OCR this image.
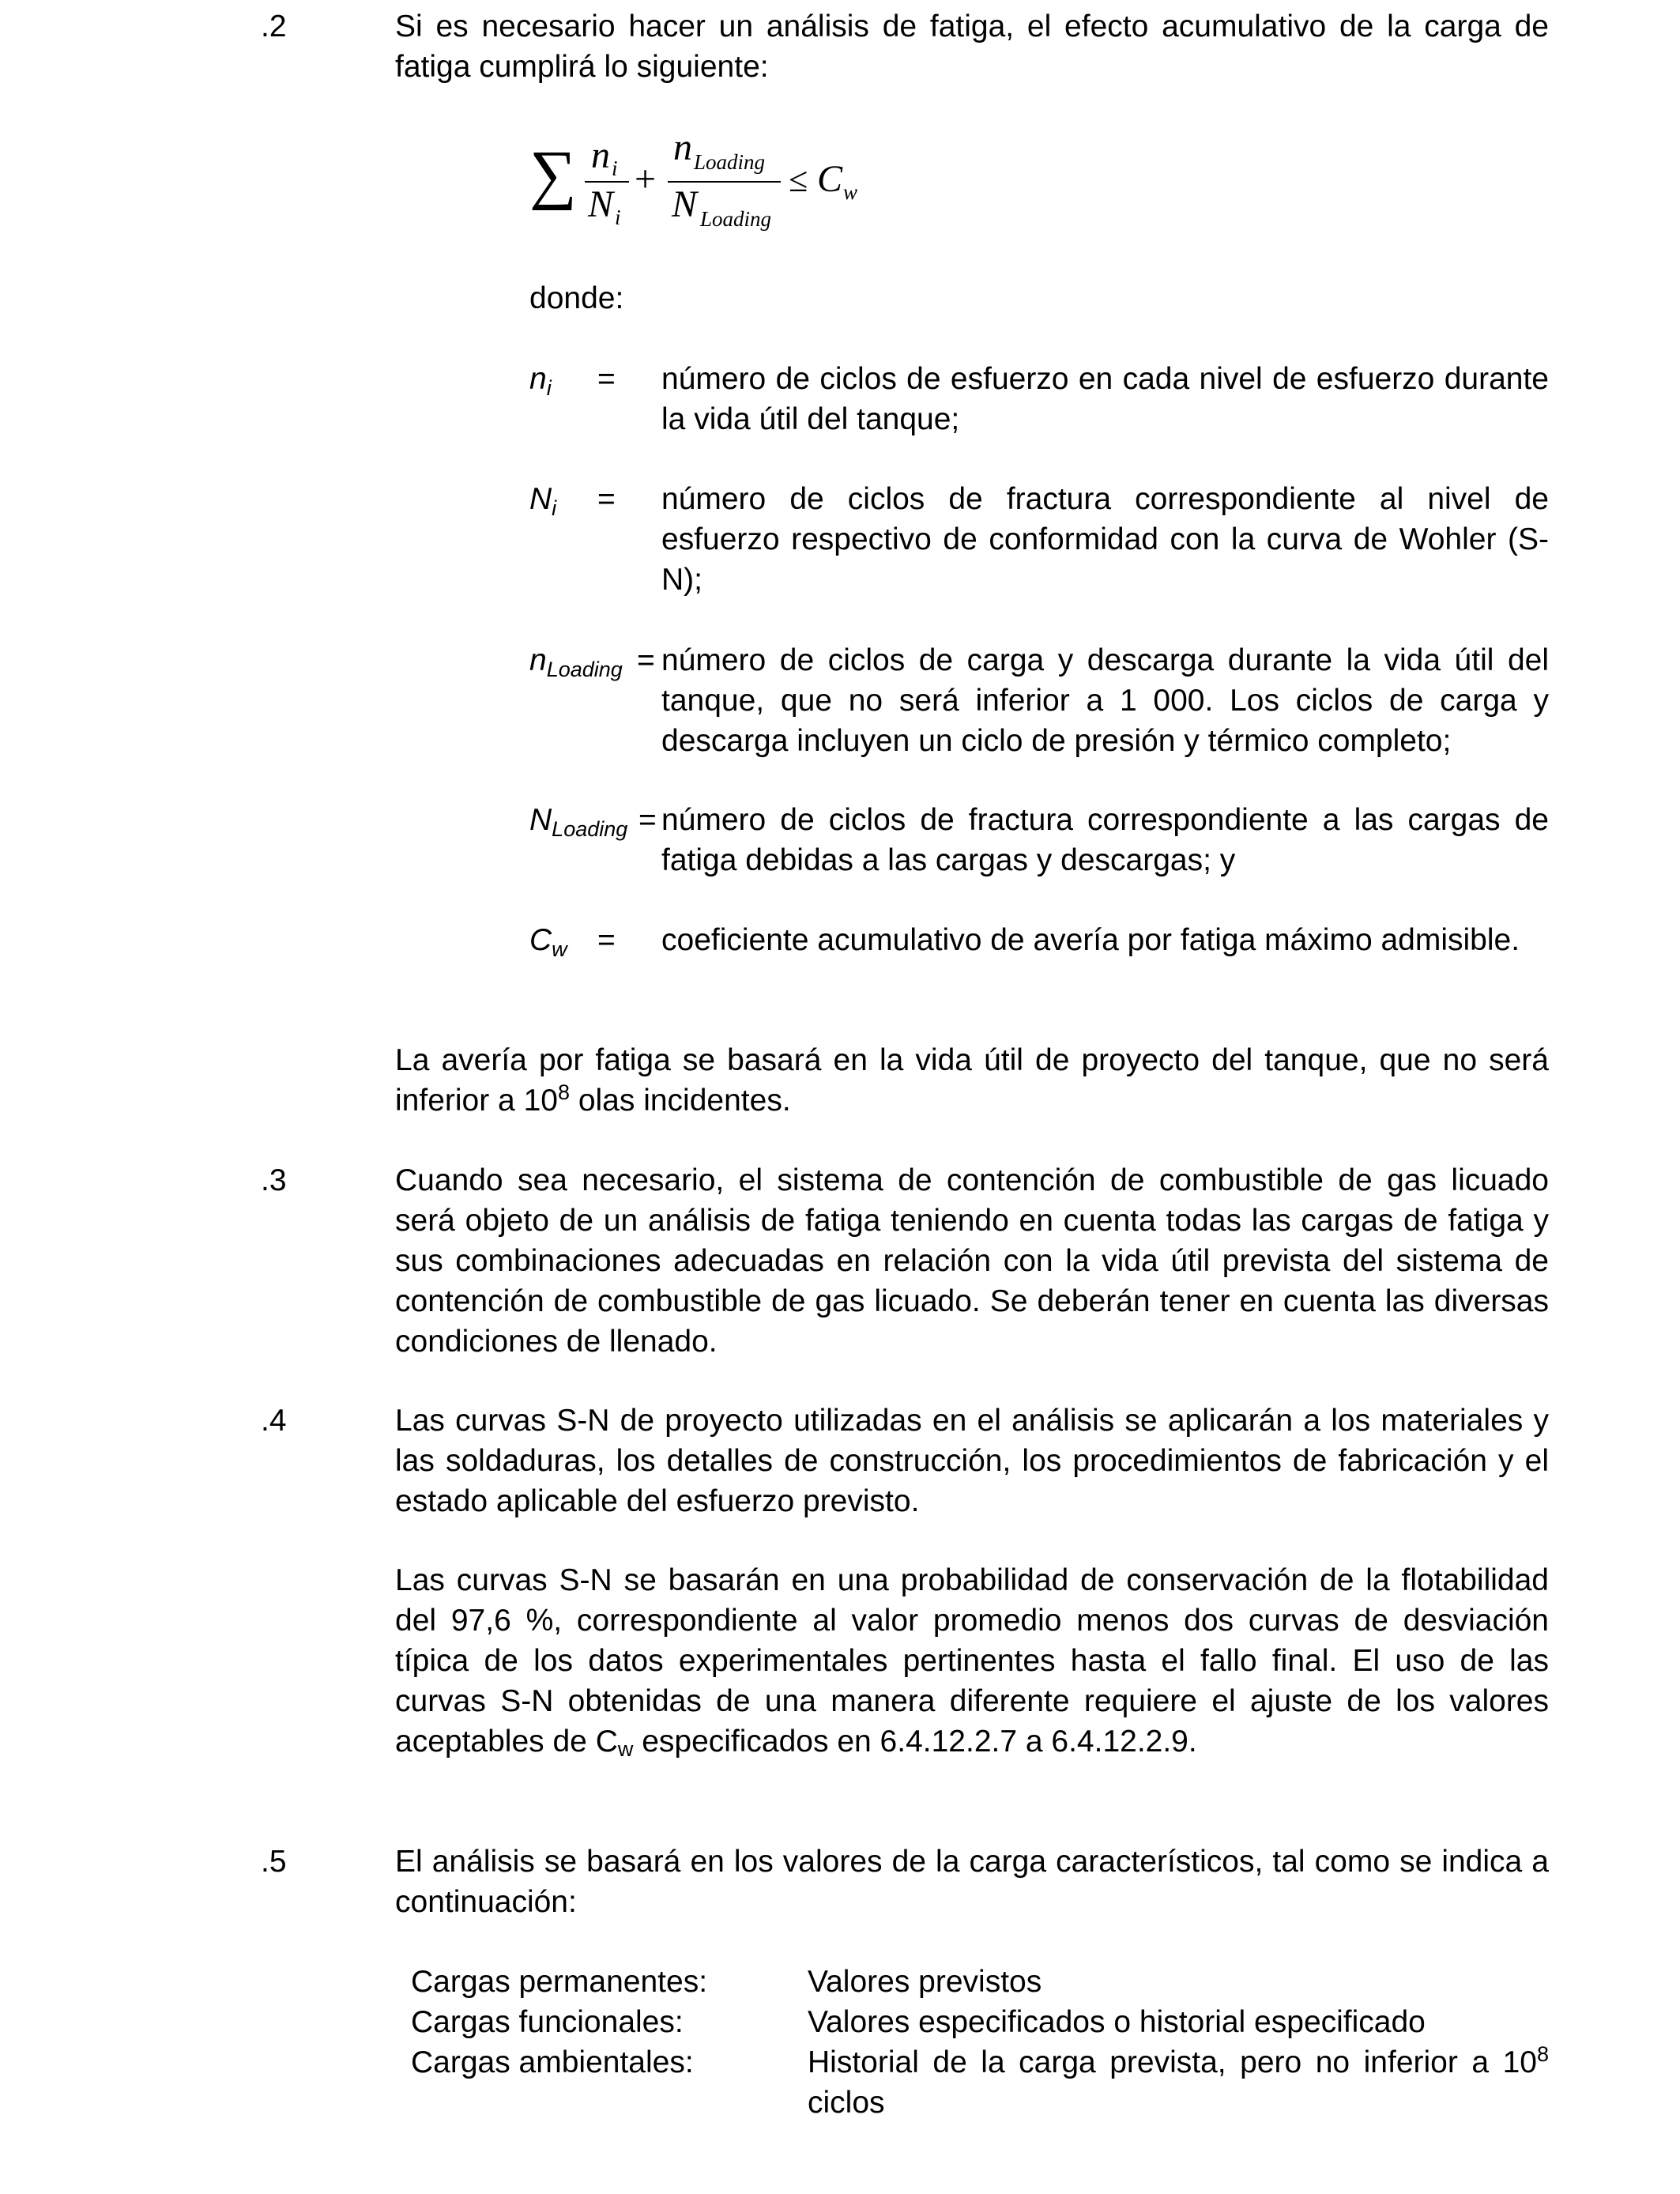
.2	Si es necesario hacer un análisis de fatiga, el efecto acumulativo de la carga de fatiga cumplirá lo siguiente:

∑ n i
N i
+
n Loading
N Loading
≤ C w
donde:
$n_i$ = número de ciclos de esfuerzo en cada nivel de esfuerzo durante la vida útil del tanque;

$N_i$ = número de ciclos de fractura correspondiente al nivel de esfuerzo respectivo de conformidad con la curva de Wohler (S-N);

$n_{Loading}$ = número de ciclos de carga y descarga durante la vida útil del tanque, que no será inferior a 1 000. Los ciclos de carga y descarga incluyen un ciclo de presión y térmico completo;

$N_{Loading}$ = número de ciclos de fractura correspondiente a las cargas de fatiga debidas a las cargas y descargas; y

$C_w$ = coeficiente acumulativo de avería por fatiga máximo admisible.

La avería por fatiga se basará en la vida útil de proyecto del tanque, que no será inferior a $10^8$ olas incidentes.

.3	Cuando sea necesario, el sistema de contención de combustible de gas licuado será objeto de un análisis de fatiga teniendo en cuenta todas las cargas de fatiga y sus combinaciones adecuadas en relación con la vida útil prevista del sistema de contención de combustible de gas licuado. Se deberán tener en cuenta las diversas condiciones de llenado.

.4	Las curvas S-N de proyecto utilizadas en el análisis se aplicarán a los materiales y las soldaduras, los detalles de construcción, los procedimientos de fabricación y el estado aplicable del esfuerzo previsto.

Las curvas S-N se basarán en una probabilidad de conservación de la flotabilidad del 97,6 %, correspondiente al valor promedio menos dos curvas de desviación típica de los datos experimentales pertinentes hasta el fallo final. El uso de las curvas S-N obtenidas de una manera diferente requiere el ajuste de los valores aceptables de $C_w$ especificados en 6.4.12.2.7 a 6.4.12.2.9.

.5	El análisis se basará en los valores de la carga característicos, tal como se indica a continuación:

Cargas permanentes:	Valores previstos

Cargas funcionales:	Valores especificados o historial especificado

Cargas ambientales:	Historial de la carga prevista, pero no inferior a $10^8$ ciclos
